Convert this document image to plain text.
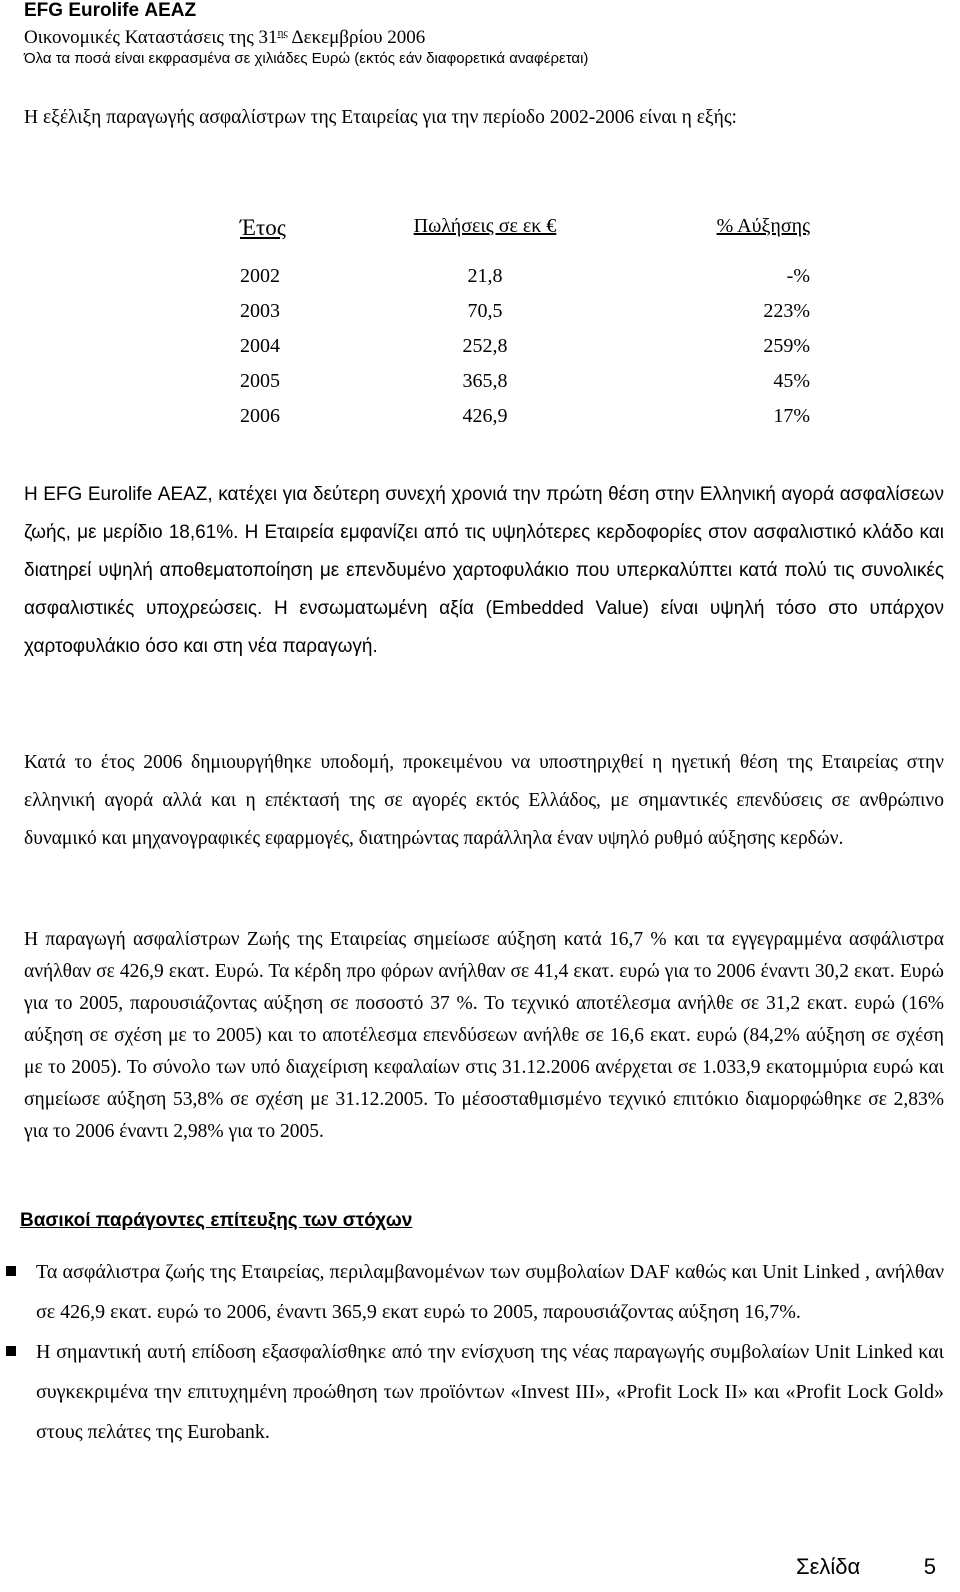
EFG Eurolife ΑΕΑΖ
Οικονομικές Καταστάσεις της $31^{\eta\varsigma}$ Δεκεμβρίου 2006
Όλα τα ποσά είναι εκφρασμένα σε χιλιάδες Ευρώ (εκτός εάν διαφορετικά αναφέρεται)

Η εξέλιξη παραγωγής ασφαλίστρων της Εταιρείας για την περίοδο 2002-2006 είναι η εξής:

Έτος	Πωλήσεις σε εκ €	% Αύξησης
2002	21,8	-%
2003	70,5	223%
2004	252,8	259%
2005	365,8	45%
2006	426,9	17%

Η EFG Eurolife ΑΕΑΖ, κατέχει για δεύτερη συνεχή χρονιά την πρώτη θέση στην Ελληνική αγορά ασφαλίσεων ζωής, με μερίδιο 18,61%. Η Εταιρεία εμφανίζει από τις υψηλότερες κερδοφορίες στον ασφαλιστικό κλάδο και διατηρεί υψηλή αποθεματοποίηση με επενδυμένο χαρτοφυλάκιο που υπερκαλύπτει κατά πολύ τις συνολικές ασφαλιστικές υποχρεώσεις. Η ενσωματωμένη αξία (Embedded Value) είναι υψηλή τόσο στο υπάρχον χαρτοφυλάκιο όσο και στη νέα παραγωγή.

Κατά το έτος 2006 δημιουργήθηκε υποδομή, προκειμένου να υποστηριχθεί η ηγετική θέση της Εταιρείας στην ελληνική αγορά αλλά και η επέκτασή της σε αγορές εκτός Ελλάδος, με σημαντικές επενδύσεις σε ανθρώπινο δυναμικό και μηχανογραφικές εφαρμογές, διατηρώντας παράλληλα έναν υψηλό ρυθμό αύξησης κερδών.

Η παραγωγή ασφαλίστρων Ζωής της Εταιρείας σημείωσε αύξηση κατά 16,7 % και τα εγγεγραμμένα ασφάλιστρα ανήλθαν σε 426,9 εκατ. Ευρώ. Τα κέρδη προ φόρων ανήλθαν σε 41,4 εκατ. ευρώ για το 2006 έναντι 30,2 εκατ. Ευρώ για το 2005, παρουσιάζοντας αύξηση σε ποσοστό 37 %. Το τεχνικό αποτέλεσμα ανήλθε σε 31,2 εκατ. ευρώ (16% αύξηση σε σχέση με το 2005) και το αποτέλεσμα επενδύσεων ανήλθε σε 16,6 εκατ. ευρώ (84,2% αύξηση σε σχέση με το 2005). Το σύνολο των υπό διαχείριση κεφαλαίων στις 31.12.2006 ανέρχεται σε 1.033,9 εκατομμύρια ευρώ και σημείωσε αύξηση 53,8% σε σχέση με 31.12.2005. Το μέσοσταθμισμένο τεχνικό επιτόκιο διαμορφώθηκε σε 2,83% για το 2006 έναντι 2,98% για το 2005.

Βασικοί παράγοντες επίτευξης των στόχων
Τα ασφάλιστρα ζωής της Εταιρείας, περιλαμβανομένων των συμβολαίων DAF καθώς και Unit Linked , ανήλθαν σε 426,9 εκατ. ευρώ το 2006, έναντι 365,9 εκατ ευρώ το 2005, παρουσιάζοντας αύξηση 16,7%.
Η σημαντική αυτή επίδοση εξασφαλίσθηκε από την ενίσχυση της νέας παραγωγής συμβολαίων Unit Linked και συγκεκριμένα την επιτυχημένη προώθηση των προϊόντων «Invest III», «Profit Lock II» και «Profit Lock Gold» στους πελάτες της Eurobank.
Σελίδα	5
